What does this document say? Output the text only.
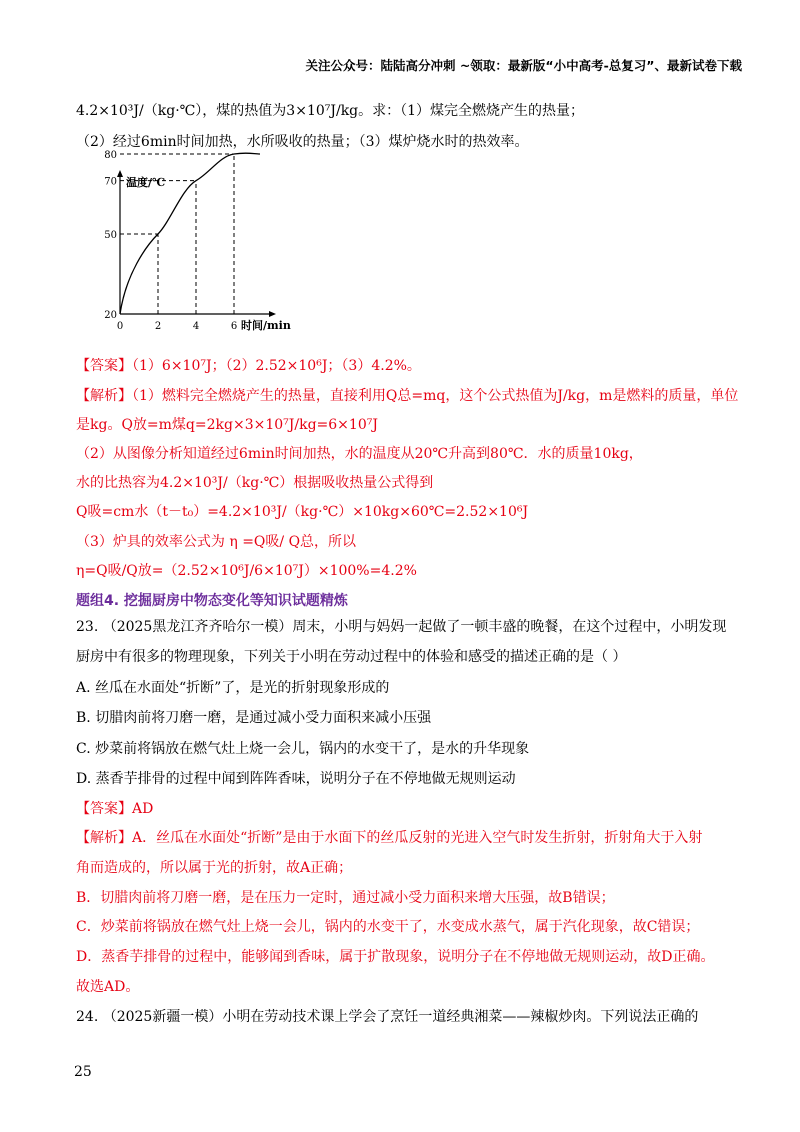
关注公众号：陆陆高分冲刺 ~领取：最新版“小中高考-总复习”、最新试卷下载
4.2×10³J/（kg·℃），煤的热值为3×10⁷J/kg。求：（1）煤完全燃烧产生的热量；
（2）经过6min时间加热，水所吸收的热量；（3）煤炉烧水时的热效率。
温度/℃
时间/min
20
50
70
80
0	2	4	6
【答案】（1）6×10⁷J；（2）2.52×10⁶J；（3）4.2%。
【解析】（1）燃料完全燃烧产生的热量，直接利用Q总=mq，这个公式热值为J/kg，m是燃料的质量，单位
是kg。Q放=m煤q=2kg×3×10⁷J/kg=6×10⁷J
（2）从图像分析知道经过6min时间加热，水的温度从20℃升高到80℃．水的质量10kg，
水的比热容为4.2×10³J/（kg·℃）根据吸收热量公式得到
Q吸=cm水（t－t₀）=4.2×10³J/（kg·℃）×10kg×60℃=2.52×10⁶J
（3）炉具的效率公式为 η =Q吸/ Q总，所以
η=Q吸/Q放=（2.52×10⁶J/6×10⁷J）×100%=4.2%
题组4. 挖掘厨房中物态变化等知识试题精炼
23. （2025黑龙江齐齐哈尔一模）周末，小明与妈妈一起做了一顿丰盛的晚餐，在这个过程中，小明发现
厨房中有很多的物理现象，下列关于小明在劳动过程中的体验和感受的描述正确的是（ ）
A. 丝瓜在水面处“折断”了，是光的折射现象形成的
B. 切腊肉前将刀磨一磨，是通过减小受力面积来减小压强
C. 炒菜前将锅放在燃气灶上烧一会儿，锅内的水变干了，是水的升华现象
D. 蒸香芋排骨的过程中闻到阵阵香味，说明分子在不停地做无规则运动
【答案】AD
【解析】A．丝瓜在水面处“折断”是由于水面下的丝瓜反射的光进入空气时发生折射，折射角大于入射
角而造成的，所以属于光的折射，故A正确；
B．切腊肉前将刀磨一磨，是在压力一定时，通过减小受力面积来增大压强，故B错误；
C．炒菜前将锅放在燃气灶上烧一会儿，锅内的水变干了，水变成水蒸气，属于汽化现象，故C错误；
D．蒸香芋排骨的过程中，能够闻到香味，属于扩散现象，说明分子在不停地做无规则运动，故D正确。
故选AD。
24. （2025新疆一模）小明在劳动技术课上学会了烹饪一道经典湘菜——辣椒炒肉。下列说法正确的
25
